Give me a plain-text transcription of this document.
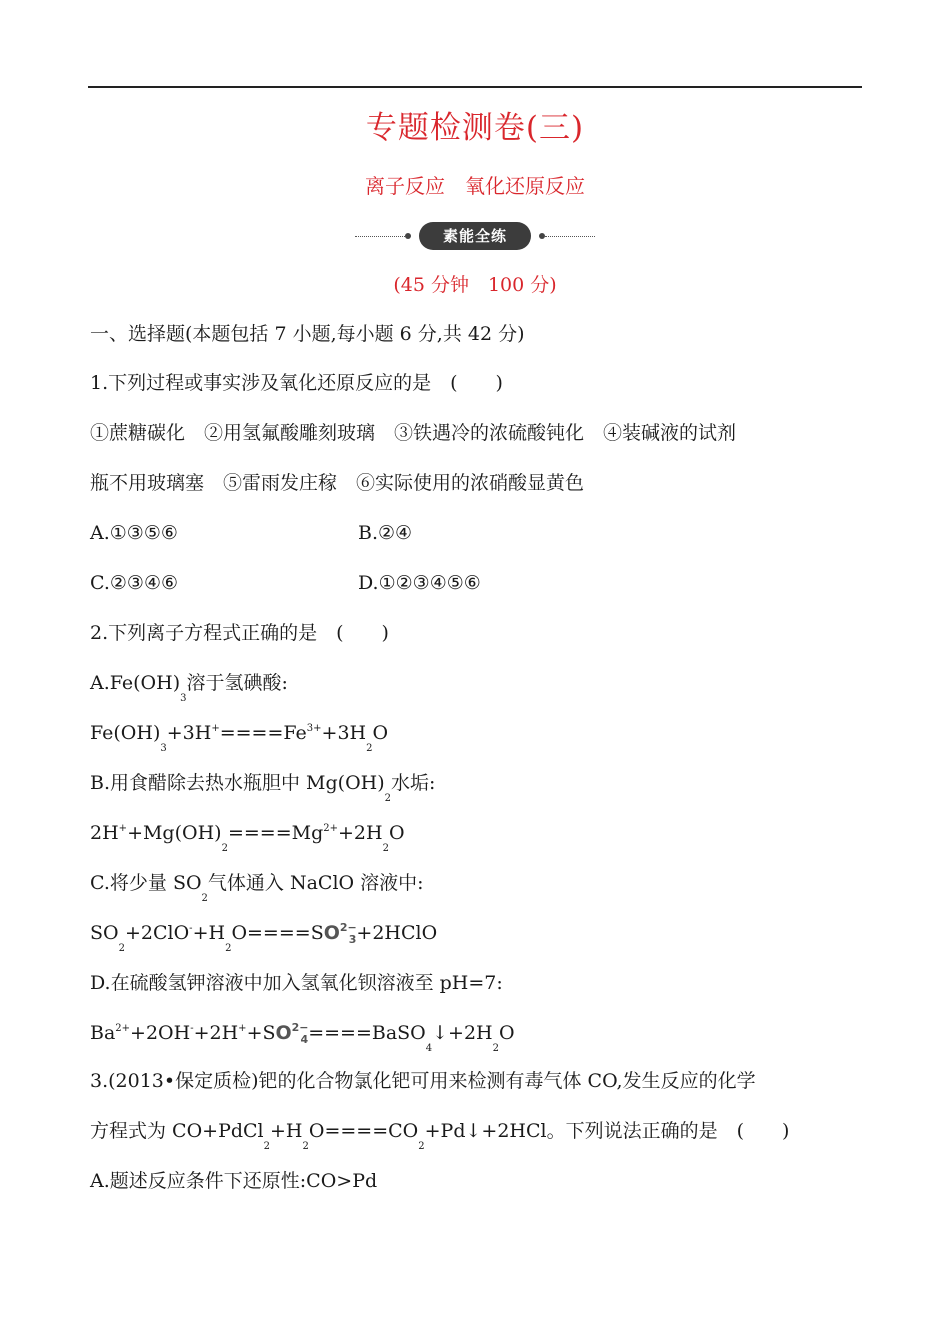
专题检测卷(三)
离子反应　氧化还原反应
素能全练
(45 分钟　100 分)
一、选择题(本题包括 7 小题,每小题 6 分,共 42 分)
1.下列过程或事实涉及氧化还原反应的是　(　　)
①蔗糖碳化　②用氢氟酸雕刻玻璃　③铁遇冷的浓硫酸钝化　④装碱液的试剂
瓶不用玻璃塞　⑤雷雨发庄稼　⑥实际使用的浓硝酸显黄色
A.①③⑤⑥	B.②④
C.②③④⑥	D.①②③④⑤⑥
2.下列离子方程式正确的是　(　　)
$A.Fe(OH)_3$溶于氢碘酸:
$Fe(OH)_3+3H^+====Fe^{3+}+3H_2O$
B.用食醋除去热水瓶胆中 $Mg(OH)_2$水垢:
$2H^++Mg(OH)_2====Mg^{2+}+2H_2O$
C.将少量 $SO_2$气体通入 NaClO 溶液中:
$SO_2+2ClO^-+H_2O====SO^{2-}_3+2HClO$
D.在硫酸氢钾溶液中加入氢氧化钡溶液至 pH=7:
$Ba^{2+}+2OH^-+2H^++SO^{2-}_4====BaSO_4↓+2H_2O$
3.(2013•保定质检)钯的化合物氯化钯可用来检测有毒气体 CO,发生反应的化学
方程式为 $CO+PdCl_2+H_2O====CO_2+Pd↓+2HCl$。下列说法正确的是　(　　)
A.题述反应条件下还原性:CO>Pd
